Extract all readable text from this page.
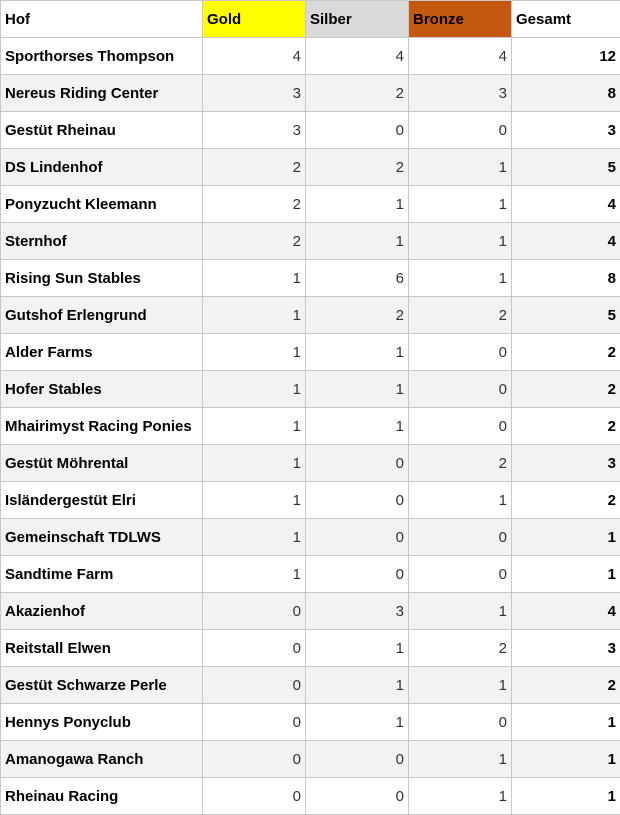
Hof	Gold	Silber	Bronze	Gesamt
Sporthorses Thompson	4	4	4	12
Nereus Riding Center	3	2	3	8
Gestüt Rheinau	3	0	0	3
DS Lindenhof	2	2	1	5
Ponyzucht Kleemann	2	1	1	4
Sternhof	2	1	1	4
Rising Sun Stables	1	6	1	8
Gutshof Erlengrund	1	2	2	5
Alder Farms	1	1	0	2
Hofer Stables	1	1	0	2
Mhairimyst Racing Ponies	1	1	0	2
Gestüt Möhrental	1	0	2	3
Isländergestüt Elri	1	0	1	2
Gemeinschaft TDLWS	1	0	0	1
Sandtime Farm	1	0	0	1
Akazienhof	0	3	1	4
Reitstall Elwen	0	1	2	3
Gestüt Schwarze Perle	0	1	1	2
Hennys Ponyclub	0	1	0	1
Amanogawa Ranch	0	0	1	1
Rheinau Racing	0	0	1	1
